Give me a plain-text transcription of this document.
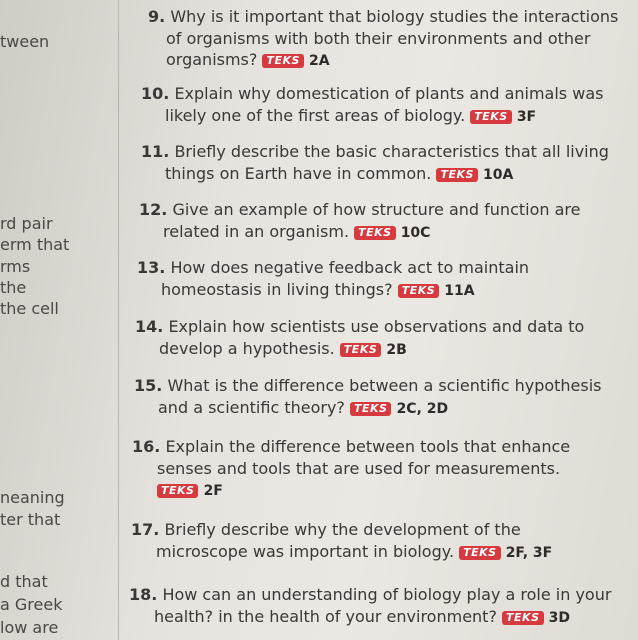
tween
rd pair
erm that
rms
the
the cell
neaning
ter that
d that
a Greek
low are
9. Why is it important that biology studies the interactions
of organisms with both their environments and other
organisms? TEKS 2A
10. Explain why domestication of plants and animals was
likely one of the first areas of biology. TEKS 3F
11. Briefly describe the basic characteristics that all living
things on Earth have in common. TEKS 10A
12. Give an example of how structure and function are
related in an organism. TEKS 10C
13. How does negative feedback act to maintain
homeostasis in living things? TEKS 11A
14. Explain how scientists use observations and data to
develop a hypothesis. TEKS 2B
15. What is the difference between a scientific hypothesis
and a scientific theory? TEKS 2C, 2D
16. Explain the difference between tools that enhance
senses and tools that are used for measurements.
TEKS 2F
17. Briefly describe why the development of the
microscope was important in biology. TEKS 2F, 3F
18. How can an understanding of biology play a role in your
health? in the health of your environment? TEKS 3D
